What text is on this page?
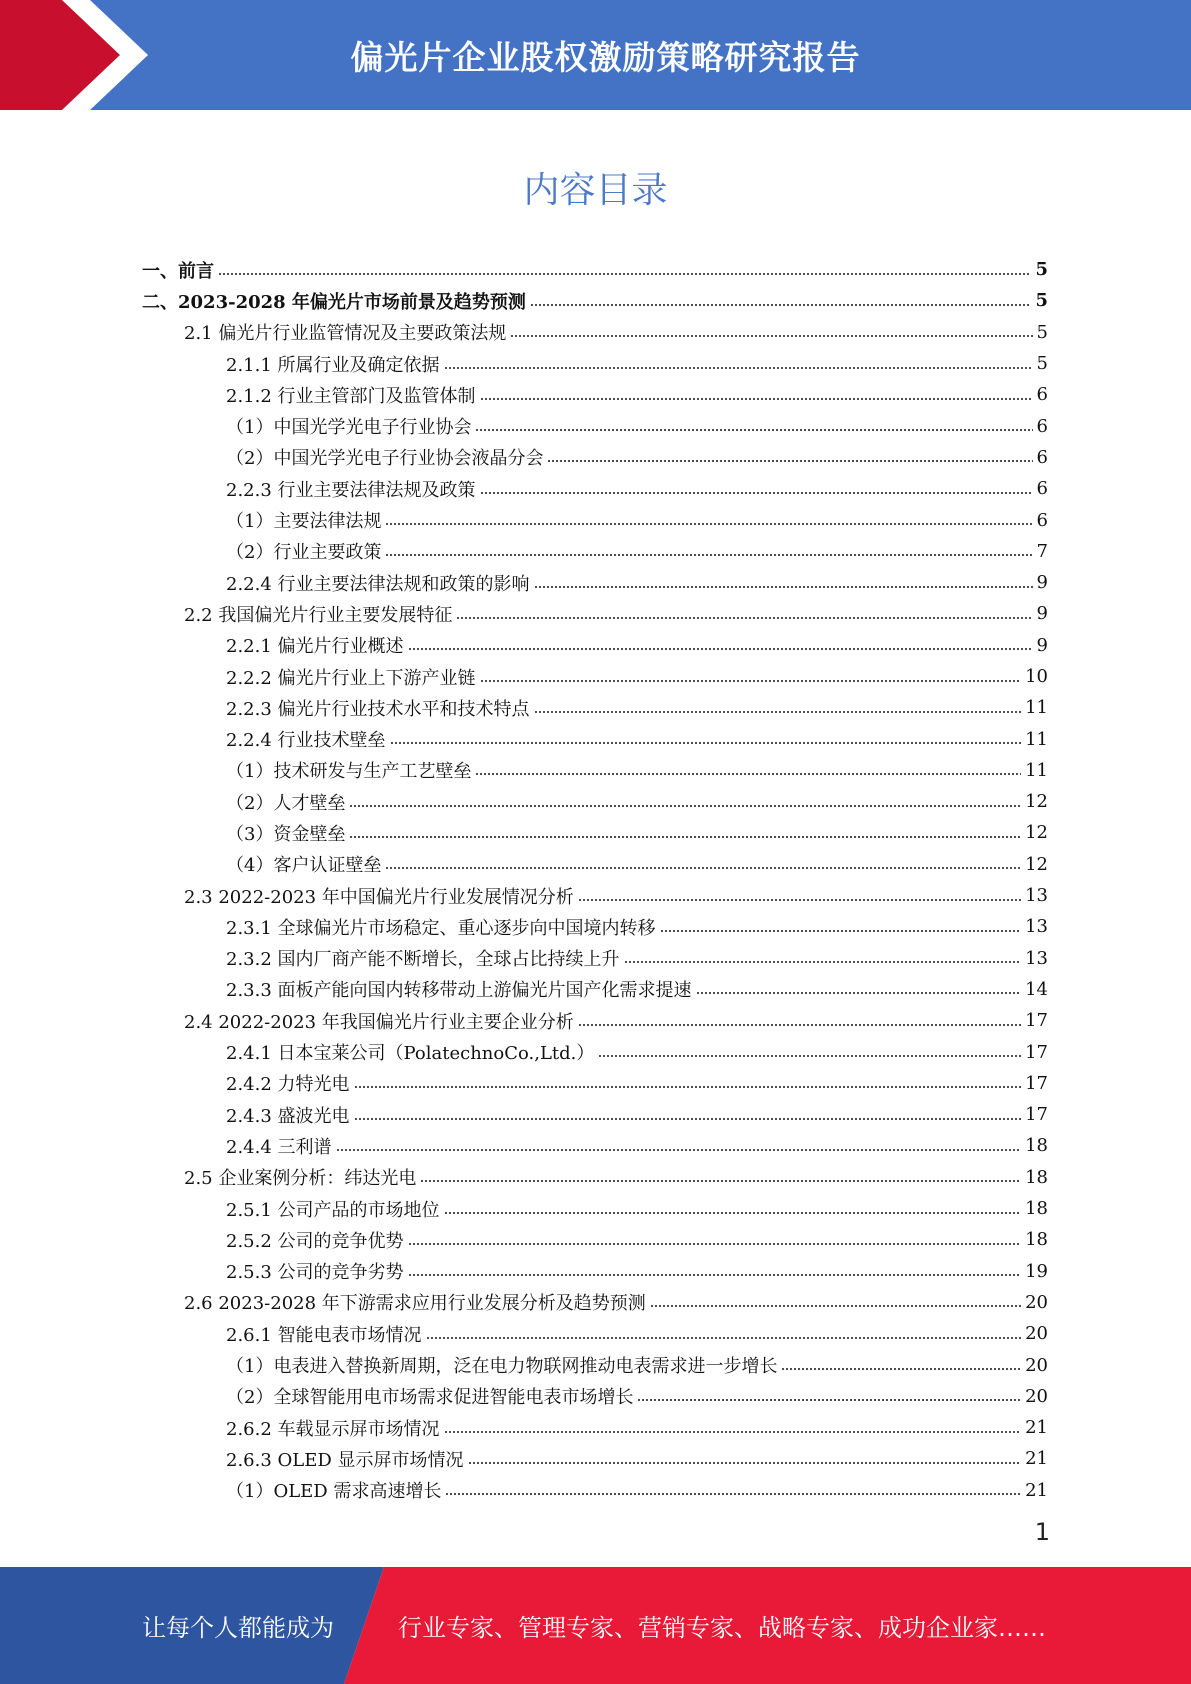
偏光片企业股权激励策略研究报告
内容目录
一、前言	5
二、2023-2028 年偏光片市场前景及趋势预测	5
2.1 偏光片行业监管情况及主要政策法规	5
2.1.1 所属行业及确定依据	5
2.1.2 行业主管部门及监管体制	6
（1）中国光学光电子行业协会	6
（2）中国光学光电子行业协会液晶分会	6
2.2.3 行业主要法律法规及政策	6
（1）主要法律法规	6
（2）行业主要政策	7
2.2.4 行业主要法律法规和政策的影响	9
2.2 我国偏光片行业主要发展特征	9
2.2.1 偏光片行业概述	9
2.2.2 偏光片行业上下游产业链	10
2.2.3 偏光片行业技术水平和技术特点	11
2.2.4 行业技术壁垒	11
（1）技术研发与生产工艺壁垒	11
（2）人才壁垒	12
（3）资金壁垒	12
（4）客户认证壁垒	12
2.3 2022-2023 年中国偏光片行业发展情况分析	13
2.3.1 全球偏光片市场稳定、重心逐步向中国境内转移	13
2.3.2 国内厂商产能不断增长，全球占比持续上升	13
2.3.3 面板产能向国内转移带动上游偏光片国产化需求提速	14
2.4 2022-2023 年我国偏光片行业主要企业分析	17
2.4.1 日本宝莱公司（PolatechnoCo.,Ltd.）	17
2.4.2 力特光电	17
2.4.3 盛波光电	17
2.4.4 三利谱	18
2.5 企业案例分析：纬达光电	18
2.5.1 公司产品的市场地位	18
2.5.2 公司的竞争优势	18
2.5.3 公司的竞争劣势	19
2.6 2023-2028 年下游需求应用行业发展分析及趋势预测	20
2.6.1 智能电表市场情况	20
（1）电表进入替换新周期，泛在电力物联网推动电表需求进一步增长	20
（2）全球智能用电市场需求促进智能电表市场增长	20
2.6.2 车载显示屏市场情况	21
2.6.3 OLED 显示屏市场情况	21
（1）OLED 需求高速增长	21
1
让每个人都能成为	行业专家、管理专家、营销专家、战略专家、成功企业家……
